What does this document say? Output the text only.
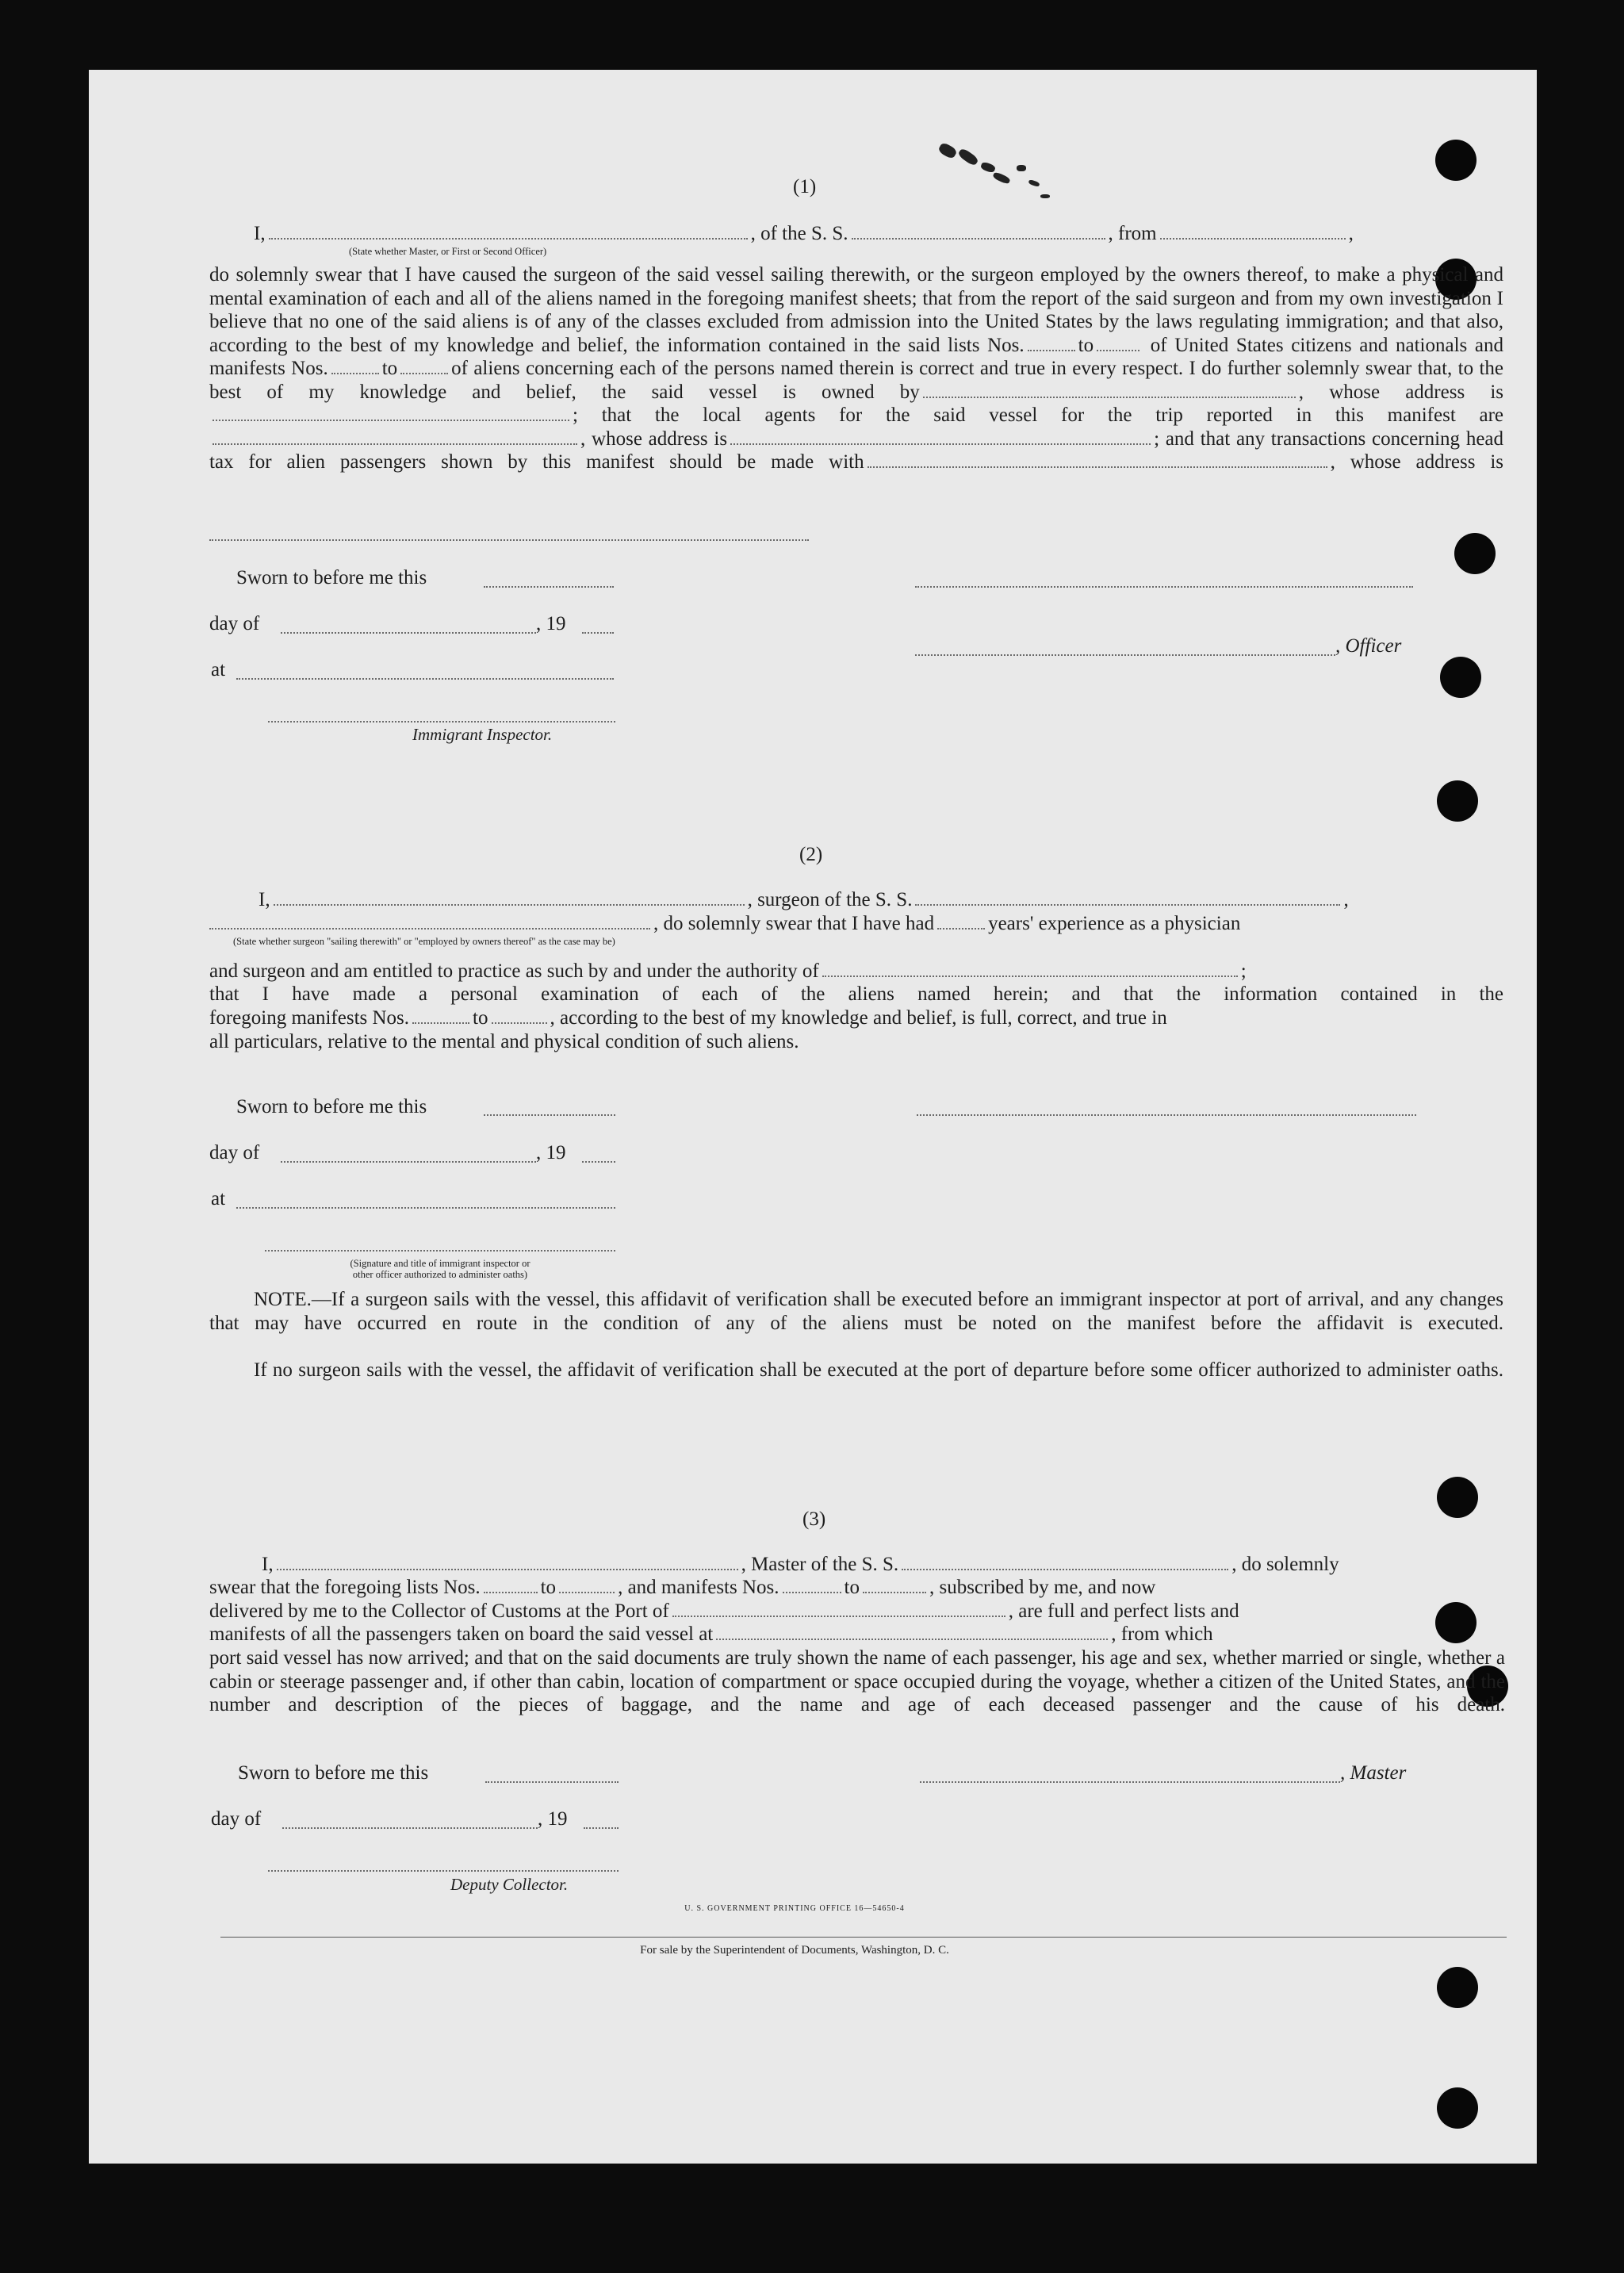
(1)
I,	, of the S. S.	, from	,
(State whether Master, or First or Second Officer)
do solemnly swear that I have caused the surgeon of the said vessel sailing therewith, or the surgeon employed by the owners thereof, to make a physical and mental examination of each and all of the aliens named in the foregoing manifest sheets; that from the report of the said surgeon and from my own investigation I believe that no one of the said aliens is of any of the classes excluded from admission into the United States by the laws regulating immigration; and that also, according to the best of my knowledge and belief, the information contained in the said lists Nos.	to	of United States citizens and nationals and manifests Nos.	to	of aliens concerning each of the persons named therein is correct and true in every respect. I do further solemnly swear that, to the best of my knowledge and belief, the said vessel is owned by	, whose address is; that the local agents for the said vessel for the trip reported in this manifest are, whose address is	; and that any transactions concerning head tax for alien passengers shown by this manifest should be made with	, whose address is
Sworn to before me this
day of	, 19
, Officer
at
Immigrant Inspector.
(2)
I,	, surgeon of the S. S.	,
, do solemnly swear that I have had	years' experience as a physician
(State whether surgeon "sailing therewith" or "employed by owners thereof" as the case may be)
and surgeon and am entitled to practice as such by and under the authority of	;
that I have made a personal examination of each of the aliens named herein; and that the information contained in the
foregoing manifests Nos.	to	, according to the best of my knowledge and belief, is full, correct, and true in
all particulars, relative to the mental and physical condition of such aliens.
Sworn to before me this
day of	, 19
at
(Signature and title of immigrant inspector or
other officer authorized to administer oaths)
NOTE.—If a surgeon sails with the vessel, this affidavit of verification shall be executed before an immigrant inspector at port of arrival, and any changes that may have occurred en route in the condition of any of the aliens must be noted on the manifest before the affidavit is executed.
If no surgeon sails with the vessel, the affidavit of verification shall be executed at the port of departure before some officer authorized to administer oaths.
(3)
I,	, Master of the S. S.	, do solemnly
swear that the foregoing lists Nos.	to	, and manifests Nos.	to	, subscribed by me, and now
delivered by me to the Collector of Customs at the Port of	, are full and perfect lists and
manifests of all the passengers taken on board the said vessel at	, from which
port said vessel has now arrived; and that on the said documents are truly shown the name of each passenger, his age and sex, whether married or single, whether a cabin or steerage passenger and, if other than cabin, location of compartment or space occupied during the voyage, whether a citizen of the United States, and the number and description of the pieces of baggage, and the name and age of each deceased passenger and the cause of his death.
Sworn to before me this	, Master
day of	, 19
Deputy Collector.
U. S. GOVERNMENT PRINTING OFFICE 16—54650-4
For sale by the Superintendent of Documents, Washington, D. C.
